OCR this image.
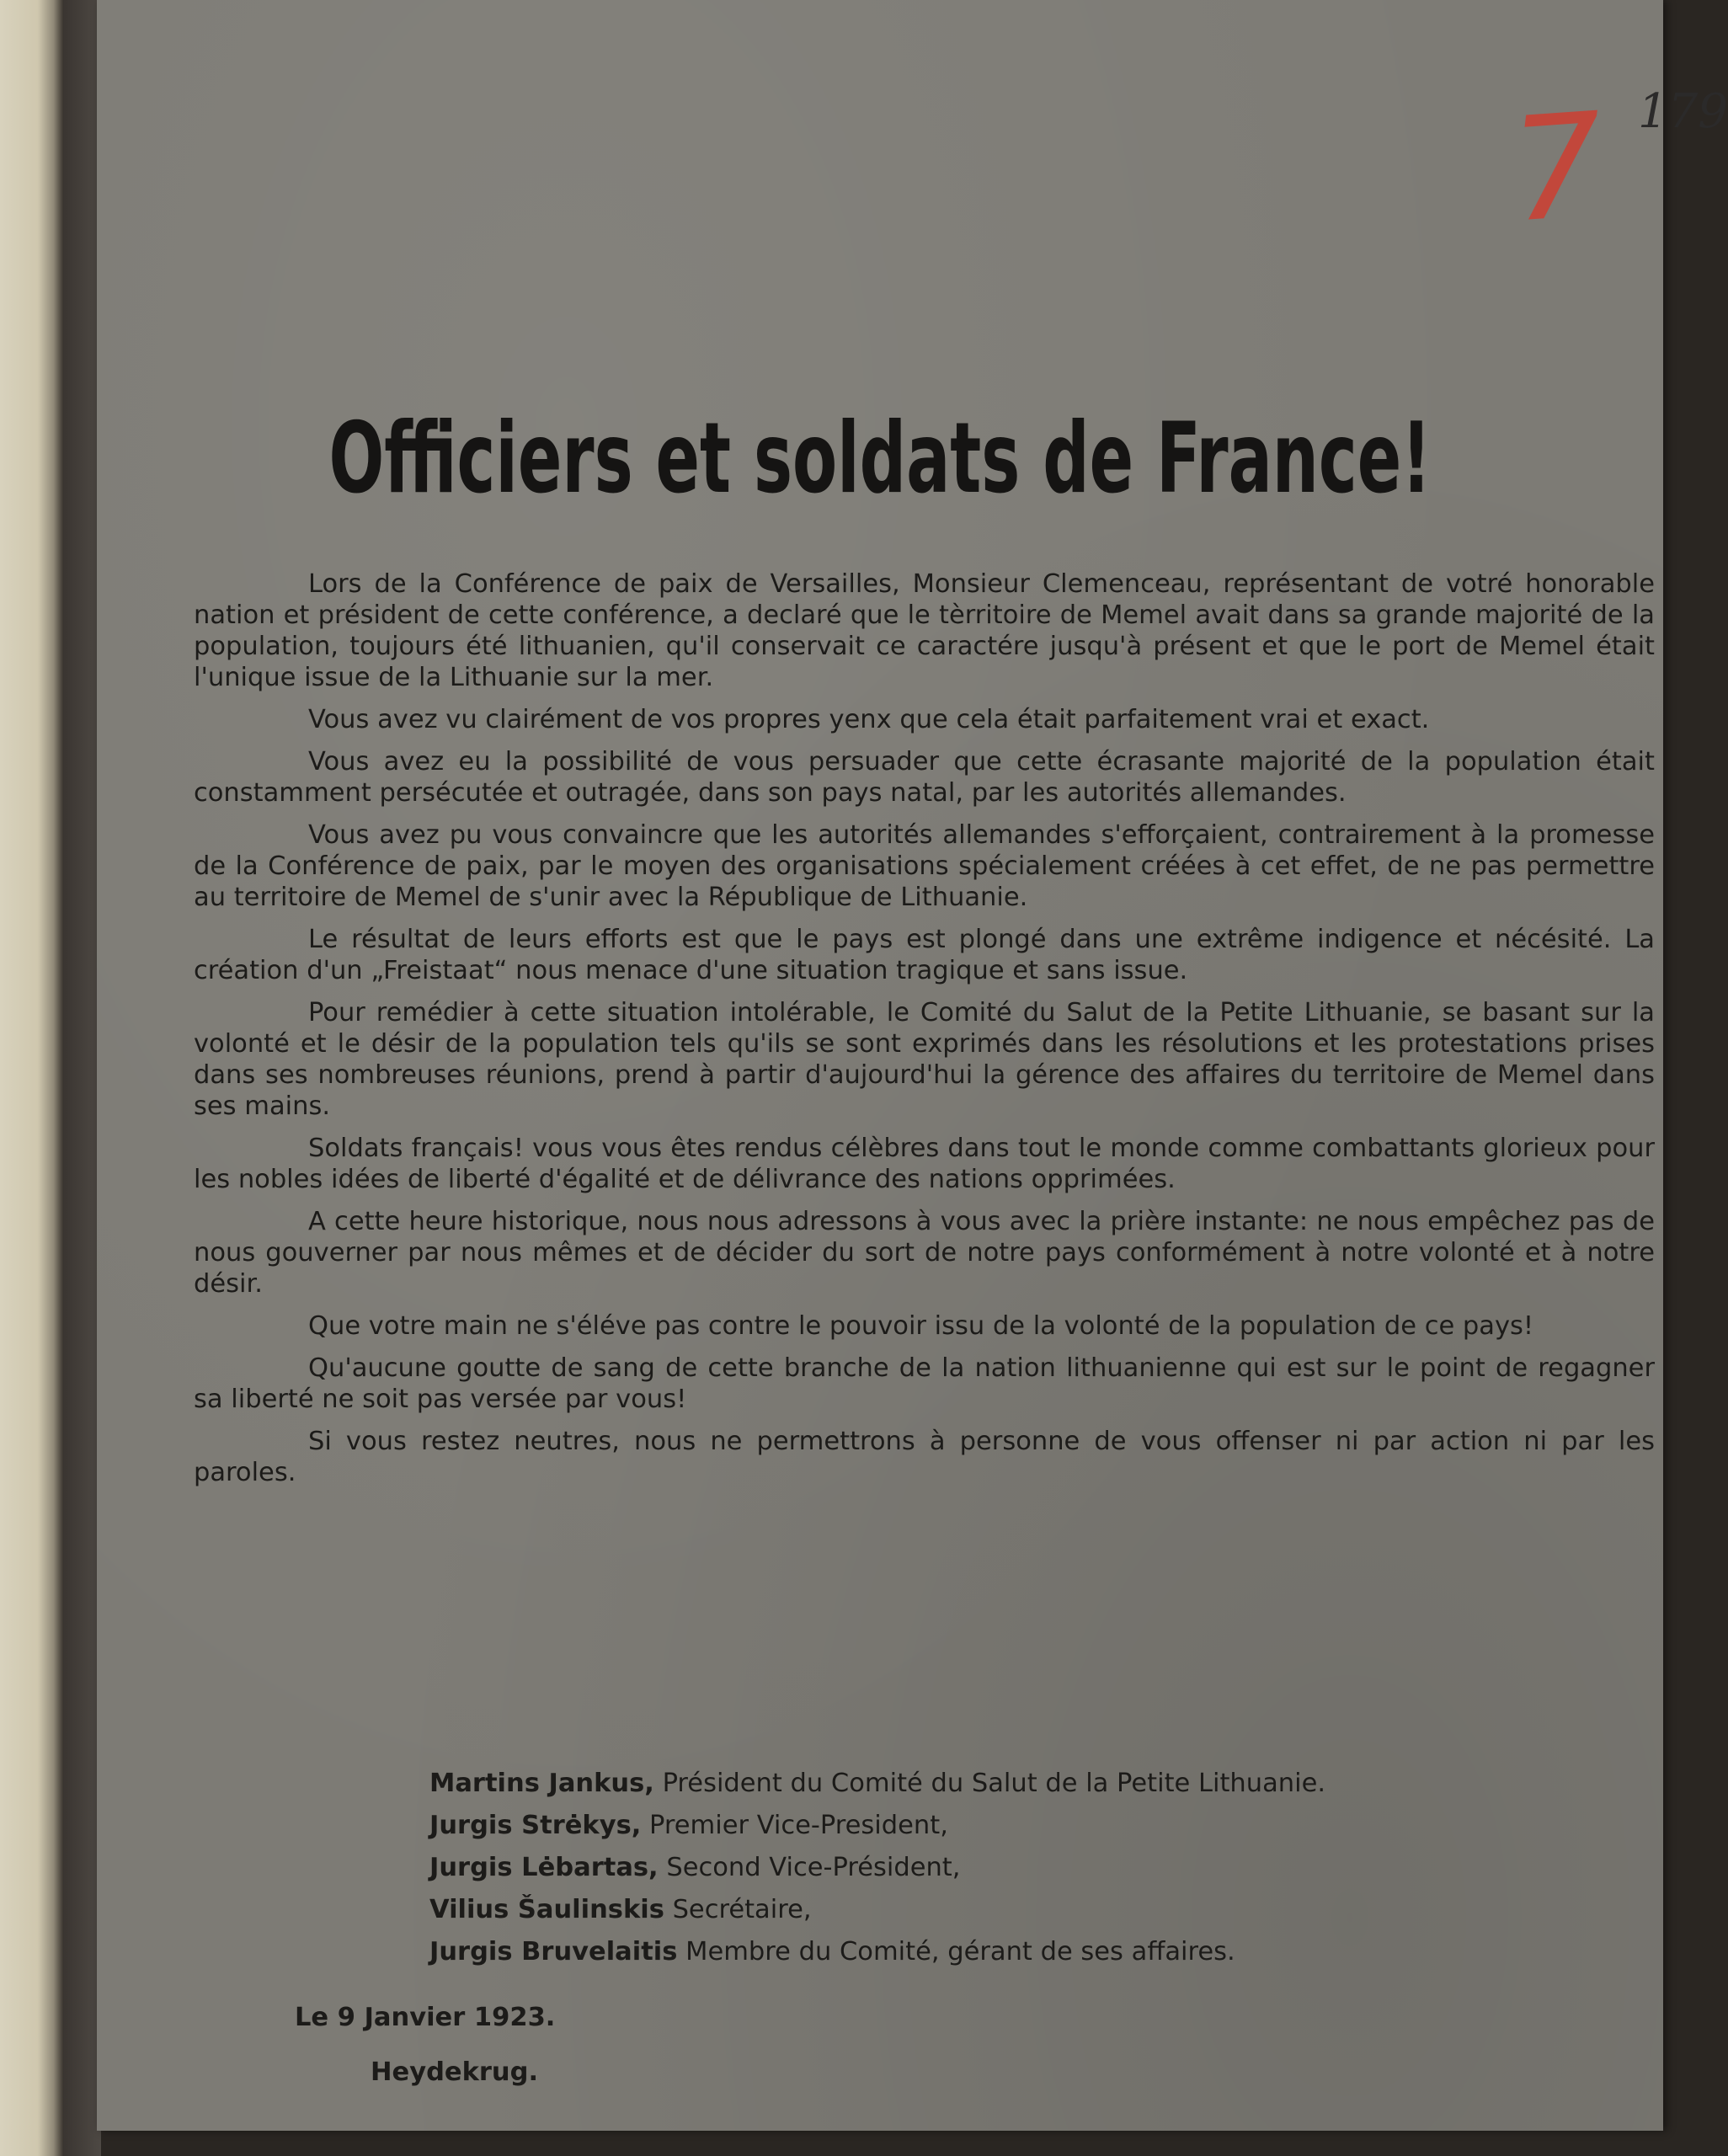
7 179
Officiers et soldats de France!

Lors de la Conférence de paix de Versailles, Monsieur Clemenceau, représentant de votré honorable nation et président de cette conférence, a declaré que le tèrritoire de Memel avait dans sa grande majorité de la population, toujours été lithuanien, qu'il conservait ce caractére jusqu'à présent et que le port de Memel était l'unique issue de la Lithuanie sur la mer.

Vous avez vu clairément de vos propres yenx que cela était parfaitement vrai et exact.

Vous avez eu la possibilité de vous persuader que cette écrasante majorité de la population était constamment persécutée et outragée, dans son pays natal, par les autorités allemandes.

Vous avez pu vous convaincre que les autorités allemandes s'efforçaient, contrairement à la promesse de la Conférence de paix, par le moyen des organisations spécialement créées à cet effet, de ne pas permettre au territoire de Memel de s'unir avec la République de Lithuanie.

Le résultat de leurs efforts est que le pays est plongé dans une extrême indigence et nécésité. La création d'un „Freistaat“ nous menace d'une situation tragique et sans issue.

Pour remédier à cette situation intolérable, le Comité du Salut de la Petite Lithuanie, se basant sur la volonté et le désir de la population tels qu'ils se sont exprimés dans les résolutions et les protestations prises dans ses nombreuses réunions, prend à partir d'aujourd'hui la gérence des affaires du territoire de Memel dans ses mains.

Soldats français! vous vous êtes rendus célèbres dans tout le monde comme combattants glorieux pour les nobles idées de liberté d'égalité et de délivrance des nations opprimées.

A cette heure historique, nous nous adressons à vous avec la prière instante: ne nous empêchez pas de nous gouverner par nous mêmes et de décider du sort de notre pays conformément à notre volonté et à notre désir.

Que votre main ne s'éléve pas contre le pouvoir issu de la volonté de la population de ce pays!

Qu'aucune goutte de sang de cette branche de la nation lithuanienne qui est sur le point de regagner sa liberté ne soit pas versée par vous!

Si vous restez neutres, nous ne permettrons à personne de vous offenser ni par action ni par les paroles.

Martins Jankus, Président du Comité du Salut de la Petite Lithuanie.
Jurgis Strėkys, Premier Vice-President,
Jurgis Lėbartas, Second Vice-Président,
Vilius Šaulinskis Secrétaire,
Jurgis Bruvelaitis Membre du Comité, gérant de ses affaires.
Le 9 Janvier 1923.
Heydekrug.
